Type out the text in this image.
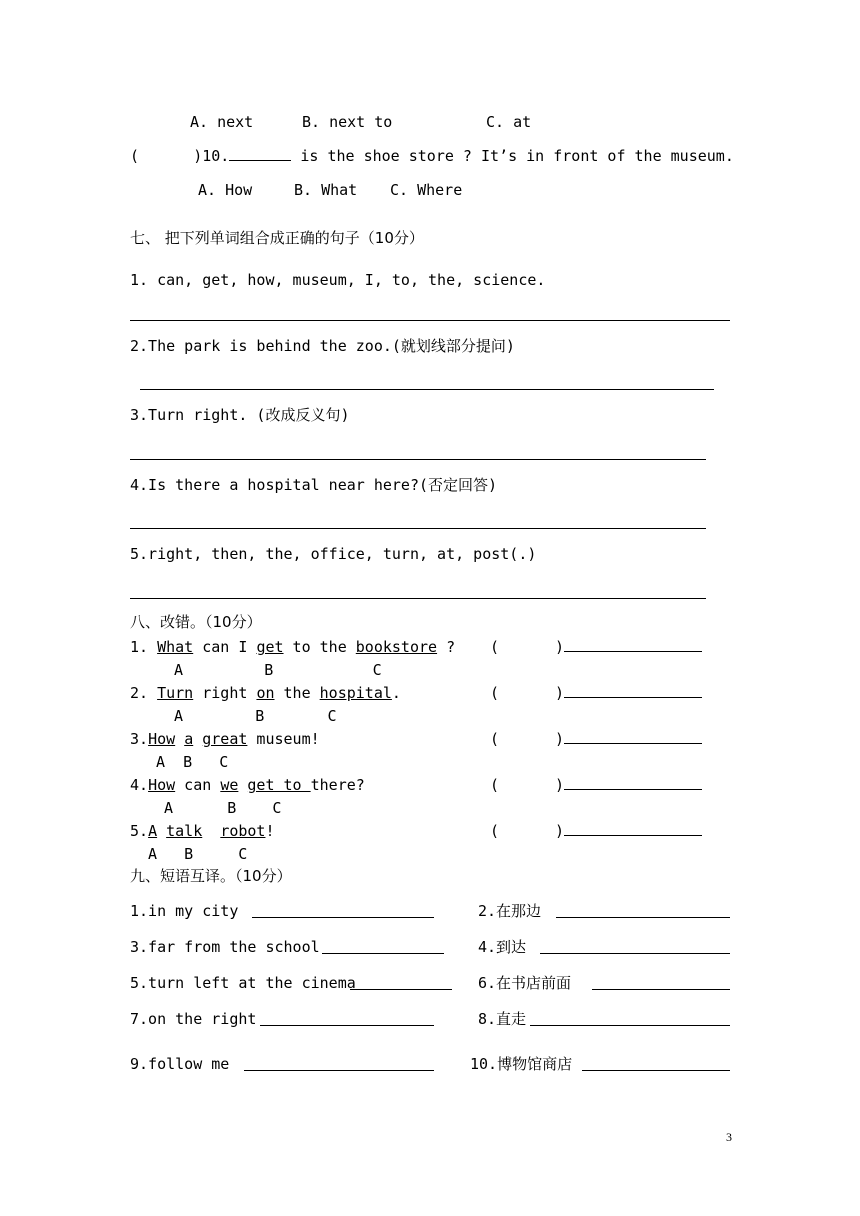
A. next	B. next to	C. at
(	)10.	is the shoe store ? It’s in front of the museum.
A. How	B. What C. Where
七、 把下列单词组合成正确的句子（10分）
1. can, get, how, museum, I, to, the, science.
2.The park is behind the zoo.(就划线部分提问)
3.Turn right. (改成反义句)
4.Is there a hospital near here?(否定回答)
5.right, then, the, office, turn, at, post(.)
八、改错。（10分）
1. What can I get to the bookstore ? (	)
A         B           C
2. Turn right on the hospital.	(	)
A        B       C
3.How a great museum!	(	)
A  B   C
4.How can we get to there?	(	)
A      B    C
5.A talk robot!	(	)
A   B     C
九、短语互译。（10分）
1.in my city	2.在那边
3.far from the school	4.到达
5.turn left at the cinema	6.在书店前面
7.on the right	8.直走
9.follow me	10.博物馆商店
3
